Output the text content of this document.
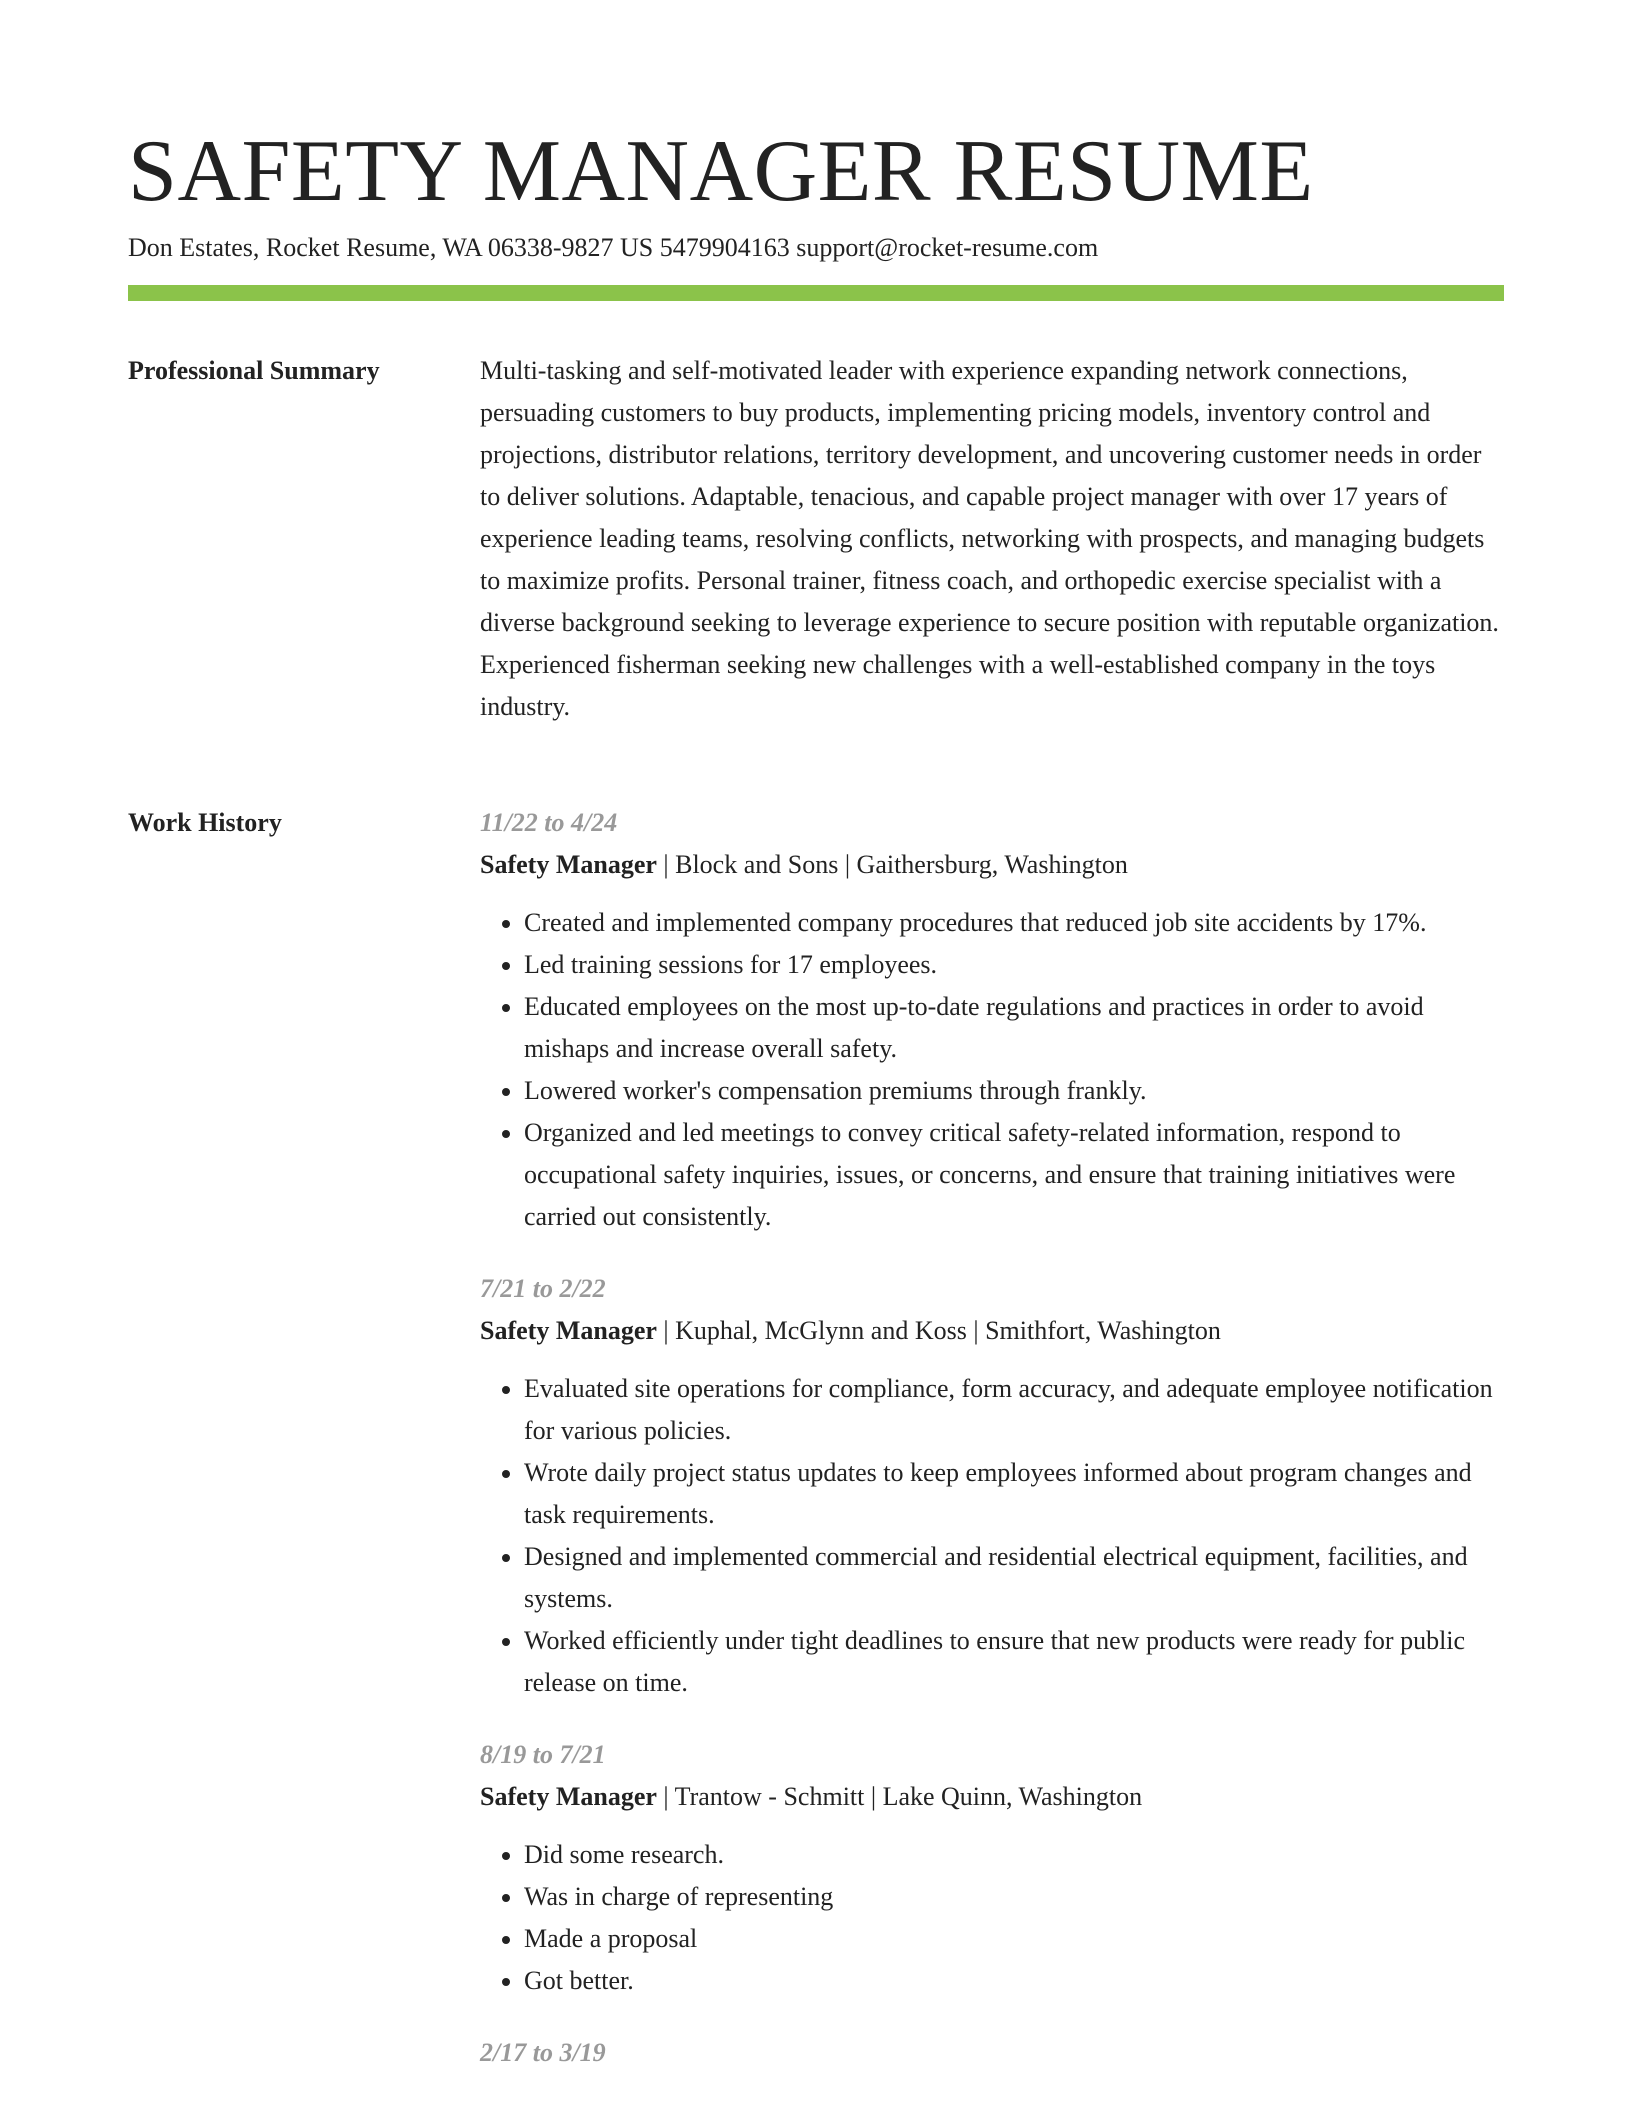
SAFETY MANAGER RESUME
Don Estates, Rocket Resume, WA 06338-9827 US 5479904163 support@rocket-resume.com
Professional Summary	Multi-tasking and self-motivated leader with experience expanding network connections, persuading customers to buy products, implementing pricing models, inventory control and projections, distributor relations, territory development, and uncovering customer needs in order to deliver solutions. Adaptable, tenacious, and capable project manager with over 17 years of experience leading teams, resolving conflicts, networking with prospects, and managing budgets to maximize profits. Personal trainer, fitness coach, and orthopedic exercise specialist with a diverse background seeking to leverage experience to secure position with reputable organization. Experienced fisherman seeking new challenges with a well-established company in the toys industry.

Work History	11/22 to 4/24
Safety Manager | Block and Sons | Gaithersburg, Washington
• Created and implemented company procedures that reduced job site accidents by 17%.
• Led training sessions for 17 employees.
• Educated employees on the most up-to-date regulations and practices in order to avoid mishaps and increase overall safety.
• Lowered worker's compensation premiums through frankly.
• Organized and led meetings to convey critical safety-related information, respond to occupational safety inquiries, issues, or concerns, and ensure that training initiatives were carried out consistently.
7/21 to 2/22
Safety Manager | Kuphal, McGlynn and Koss | Smithfort, Washington
• Evaluated site operations for compliance, form accuracy, and adequate employee notification for various policies.
• Wrote daily project status updates to keep employees informed about program changes and task requirements.
• Designed and implemented commercial and residential electrical equipment, facilities, and systems.
• Worked efficiently under tight deadlines to ensure that new products were ready for public release on time.
8/19 to 7/21
Safety Manager | Trantow - Schmitt | Lake Quinn, Washington
• Did some research.
• Was in charge of representing
• Made a proposal
• Got better.
2/17 to 3/19
